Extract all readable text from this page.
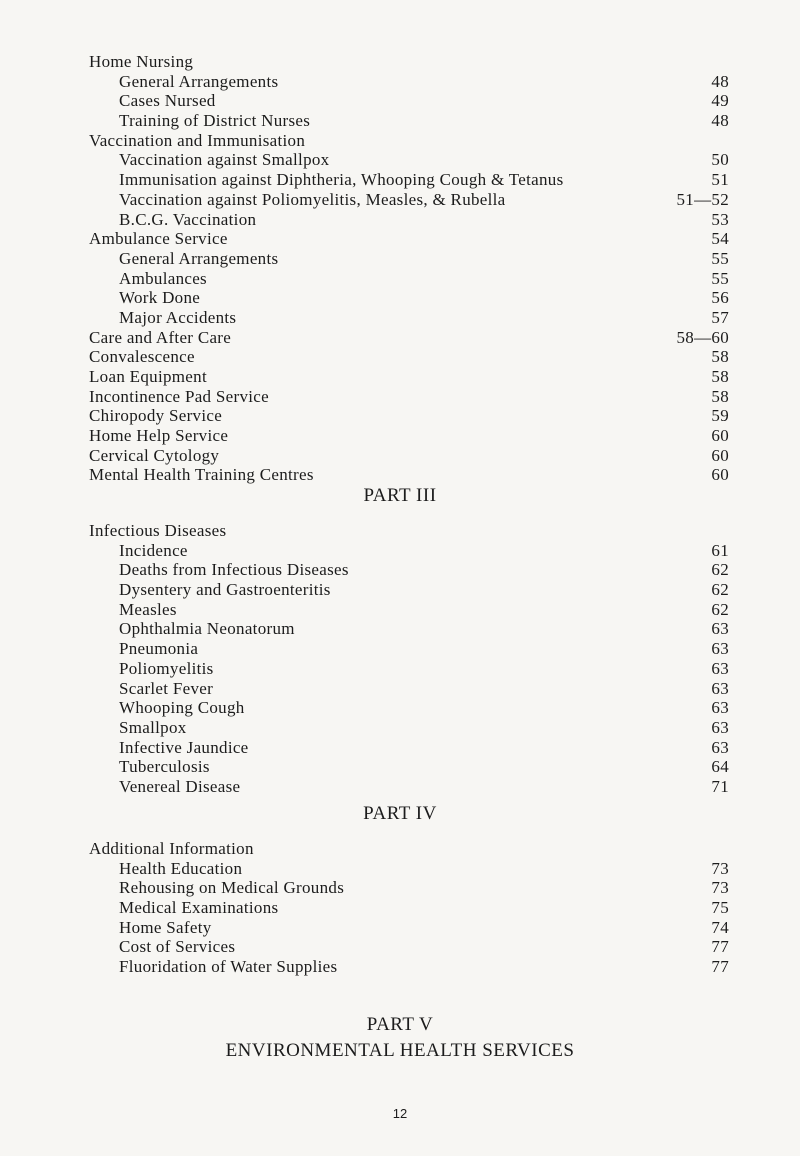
Home Nursing
General Arrangements	48
Cases Nursed	49
Training of District Nurses	48
Vaccination and Immunisation
Vaccination against Smallpox	50
Immunisation against Diphtheria, Whooping Cough & Tetanus	51
Vaccination against Poliomyelitis, Measles, & Rubella	51—52
B.C.G. Vaccination	53
Ambulance Service	54
General Arrangements	55
Ambulances	55
Work Done	56
Major Accidents	57
Care and After Care	58—60
Convalescence	58
Loan Equipment	58
Incontinence Pad Service	58
Chiropody Service	59
Home Help Service	60
Cervical Cytology	60
Mental Health Training Centres	60
PART III
Infectious Diseases
Incidence	61
Deaths from Infectious Diseases	62
Dysentery and Gastroenteritis	62
Measles	62
Ophthalmia Neonatorum	63
Pneumonia	63
Poliomyelitis	63
Scarlet Fever	63
Whooping Cough	63
Smallpox	63
Infective Jaundice	63
Tuberculosis	64
Venereal Disease	71
PART IV
Additional Information
Health Education	73
Rehousing on Medical Grounds	73
Medical Examinations	75
Home Safety	74
Cost of Services	77
Fluoridation of Water Supplies	77
PART V
ENVIRONMENTAL HEALTH SERVICES
12
